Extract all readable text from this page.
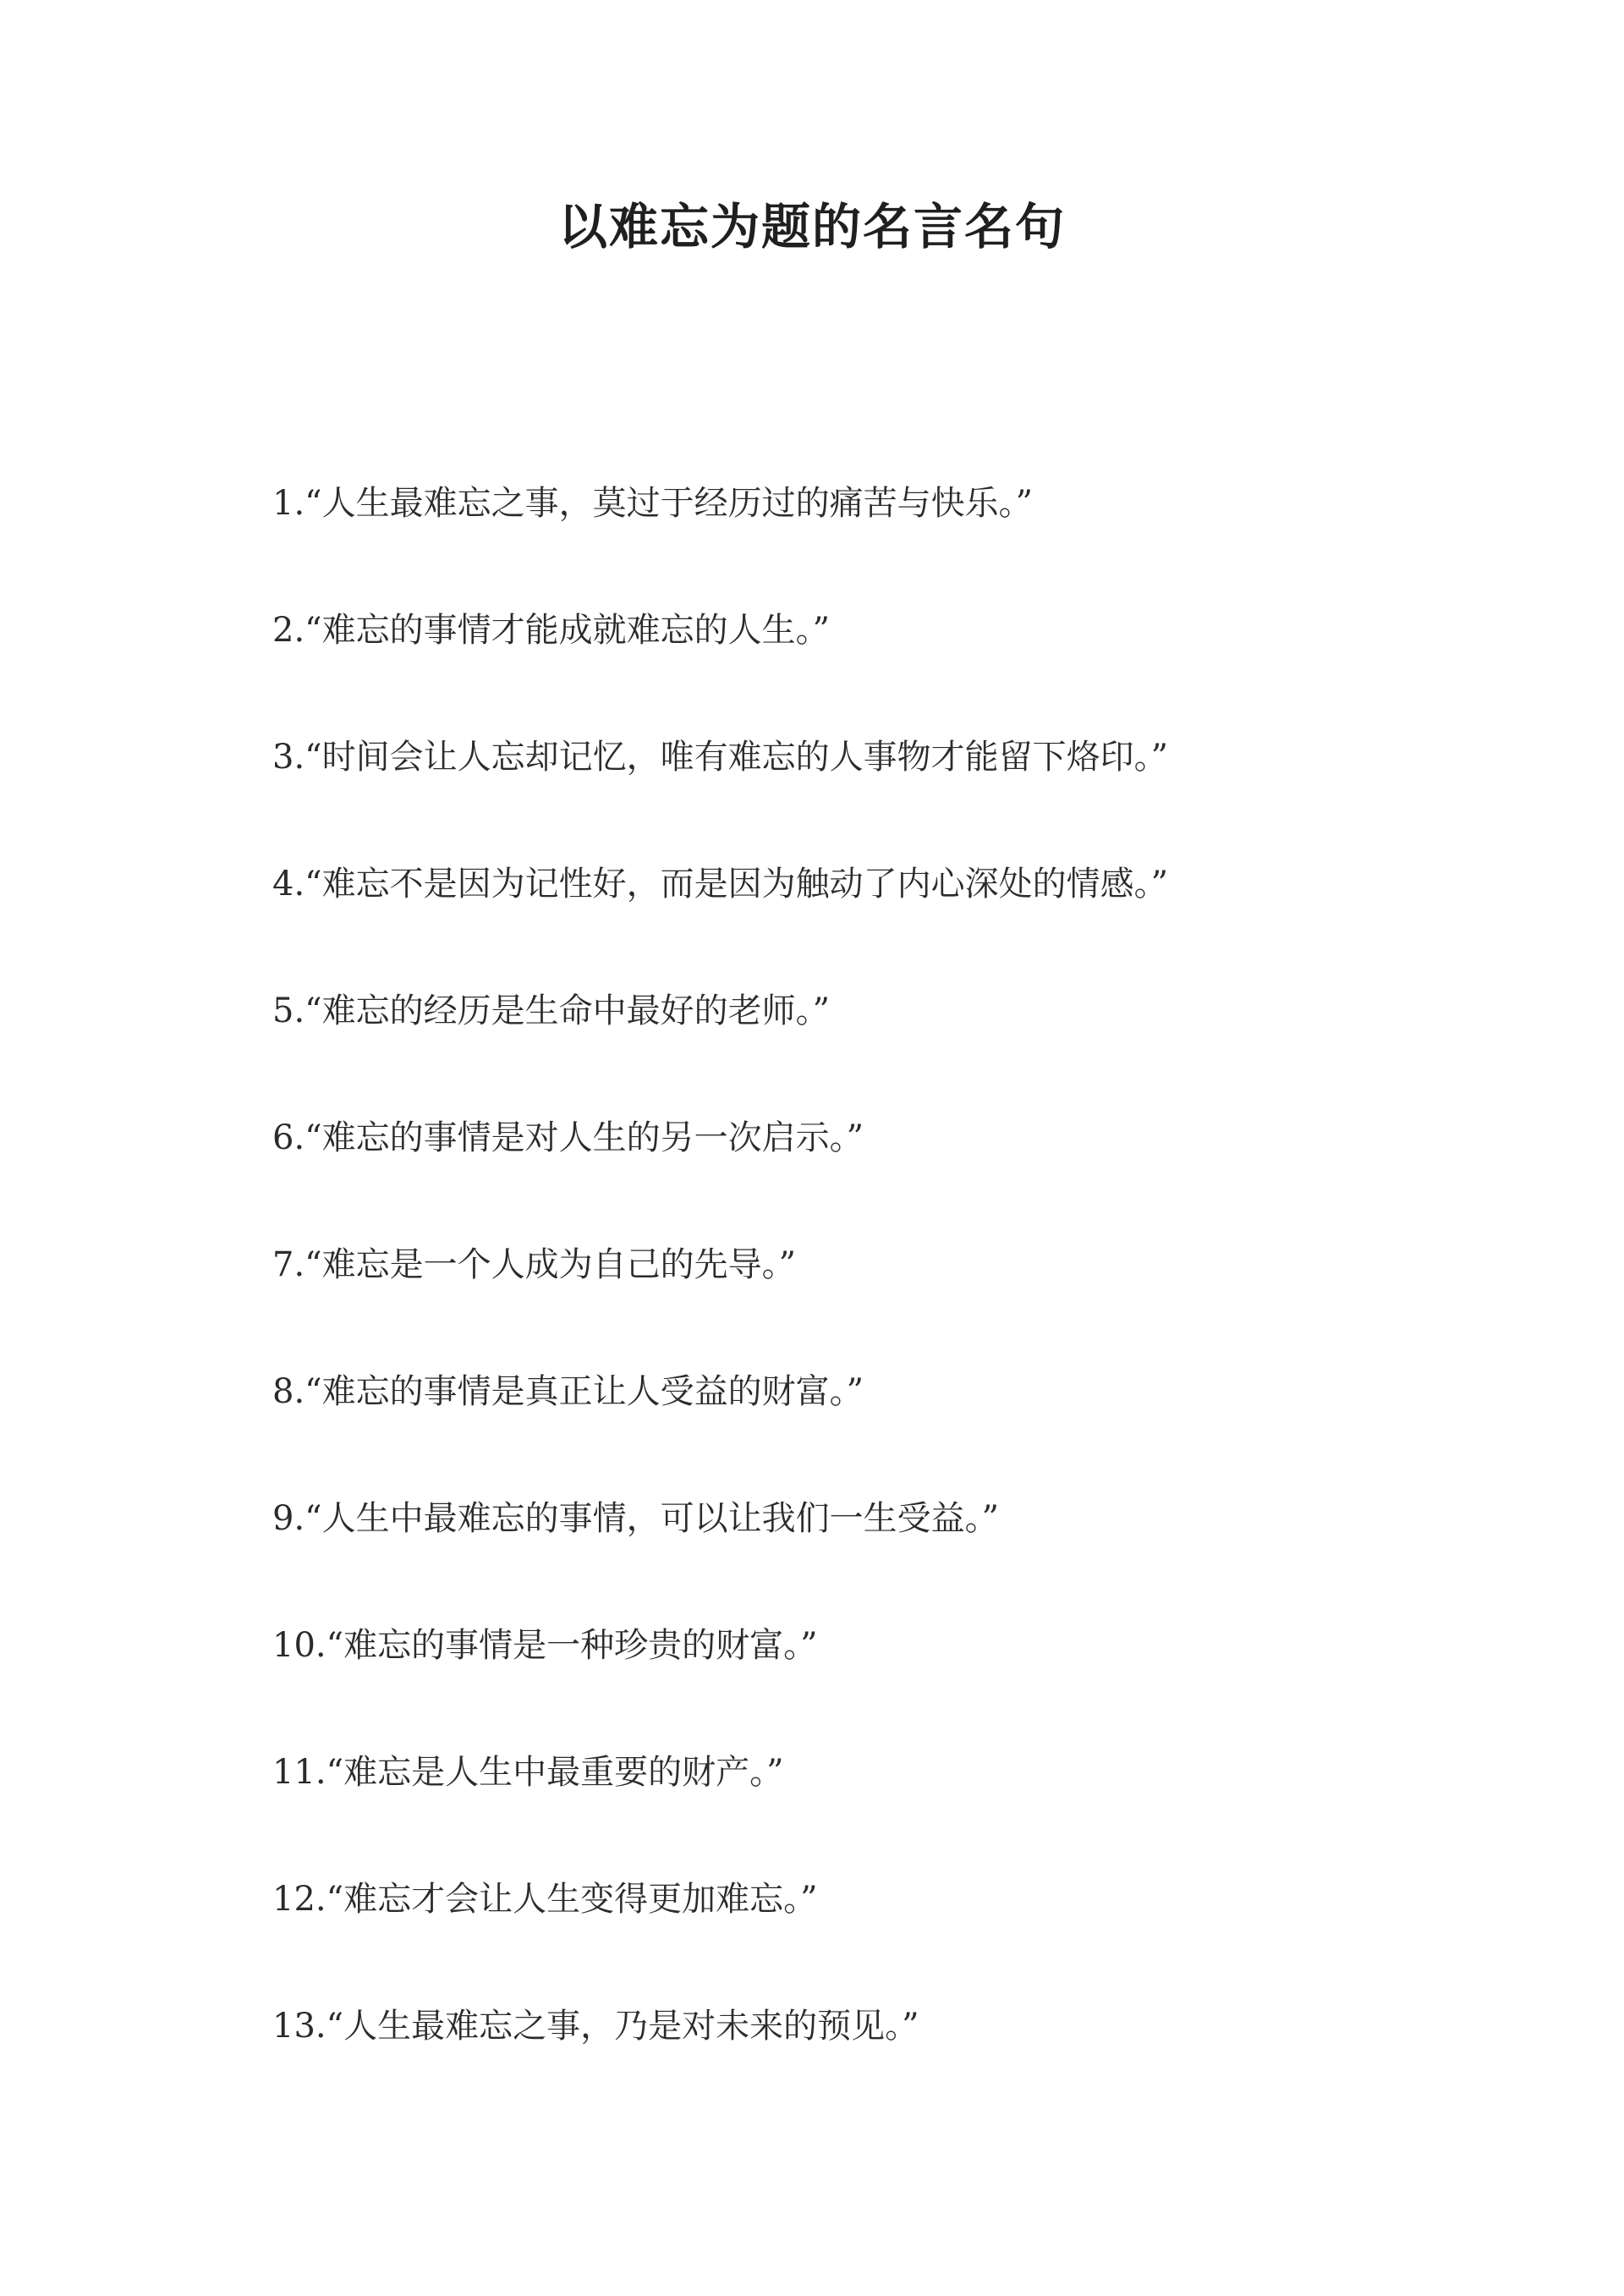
以难忘为题的名言名句
1. “人生最难忘之事，莫过于经历过的痛苦与快乐。”
2. “难忘的事情才能成就难忘的人生。”
3. “时间会让人忘却记忆，唯有难忘的人事物才能留下烙印。”
4. “难忘不是因为记性好，而是因为触动了内心深处的情感。”
5. “难忘的经历是生命中最好的老师。”
6. “难忘的事情是对人生的另一次启示。”
7. “难忘是一个人成为自己的先导。”
8. “难忘的事情是真正让人受益的财富。”
9. “人生中最难忘的事情，可以让我们一生受益。”
10. “难忘的事情是一种珍贵的财富。”
11. “难忘是人生中最重要的财产。”
12. “难忘才会让人生变得更加难忘。”
13. “人生最难忘之事，乃是对未来的预见。”
